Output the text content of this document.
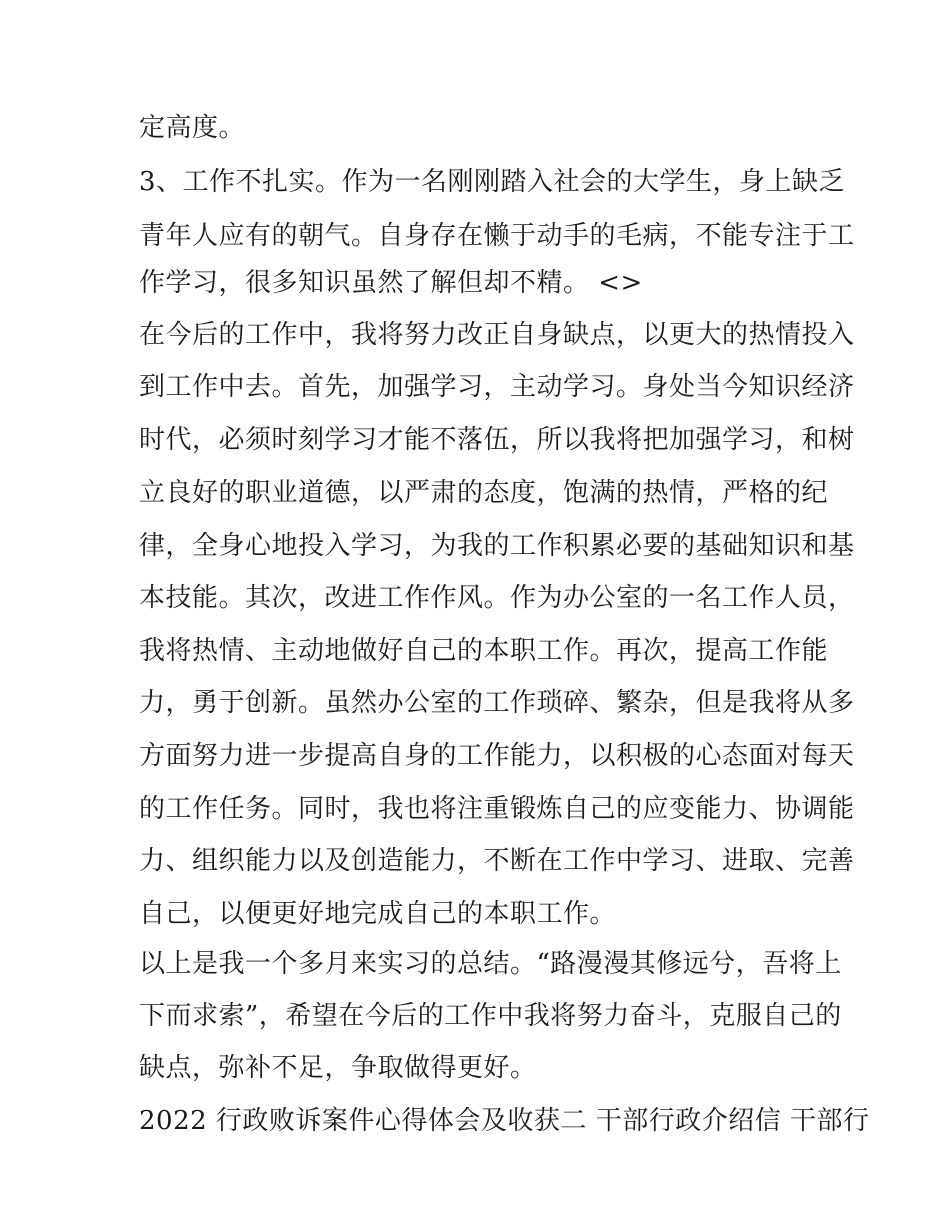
定高度。
3、工作不扎实。作为一名刚刚踏入社会的大学生，身上缺乏
青年人应有的朝气。自身存在懒于动手的毛病，不能专注于工
作学习，很多知识虽然了解但却不精。 <>
在今后的工作中，我将努力改正自身缺点，以更大的热情投入
到工作中去。首先，加强学习，主动学习。身处当今知识经济
时代，必须时刻学习才能不落伍，所以我将把加强学习，和树
立良好的职业道德，以严肃的态度，饱满的热情，严格的纪
律，全身心地投入学习，为我的工作积累必要的基础知识和基
本技能。其次，改进工作作风。作为办公室的一名工作人员，
我将热情、主动地做好自己的本职工作。再次，提高工作能
力，勇于创新。虽然办公室的工作琐碎、繁杂，但是我将从多
方面努力进一步提高自身的工作能力，以积极的心态面对每天
的工作任务。同时，我也将注重锻炼自己的应变能力、协调能
力、组织能力以及创造能力，不断在工作中学习、进取、完善
自己，以便更好地完成自己的本职工作。
以上是我一个多月来实习的总结。“路漫漫其修远兮，吾将上
下而求索”，希望在今后的工作中我将努力奋斗，克服自己的
缺点，弥补不足，争取做得更好。
2022 行政败诉案件心得体会及收获二 干部行政介绍信 干部行
